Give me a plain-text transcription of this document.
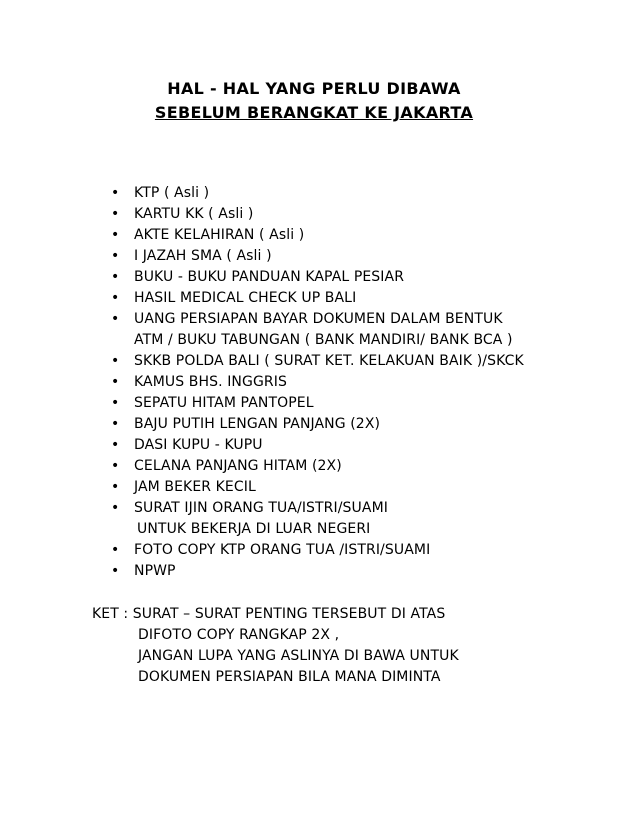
HAL - HAL YANG PERLU DIBAWA
SEBELUM BERANGKAT KE JAKARTA
• KTP ( Asli )
• KARTU KK ( Asli )
• AKTE KELAHIRAN ( Asli )
• I JAZAH SMA ( Asli )
• BUKU - BUKU PANDUAN KAPAL PESIAR
• HASIL MEDICAL CHECK UP BALI
• UANG PERSIAPAN BAYAR DOKUMEN DALAM BENTUK
ATM / BUKU TABUNGAN ( BANK MANDIRI/ BANK BCA )
• SKKB POLDA BALI ( SURAT KET. KELAKUAN BAIK )/SKCK
• KAMUS BHS. INGGRIS
• SEPATU HITAM PANTOPEL
• BAJU PUTIH LENGAN PANJANG (2X)
• DASI KUPU - KUPU
• CELANA PANJANG HITAM (2X)
• JAM BEKER KECIL
• SURAT IJIN ORANG TUA/ISTRI/SUAMI
UNTUK BEKERJA DI LUAR NEGERI
• FOTO COPY KTP ORANG TUA /ISTRI/SUAMI
• NPWP
KET : SURAT – SURAT PENTING TERSEBUT DI ATAS
DIFOTO COPY RANGKAP 2X ,
JANGAN LUPA YANG ASLINYA DI BAWA UNTUK
DOKUMEN PERSIAPAN BILA MANA DIMINTA
